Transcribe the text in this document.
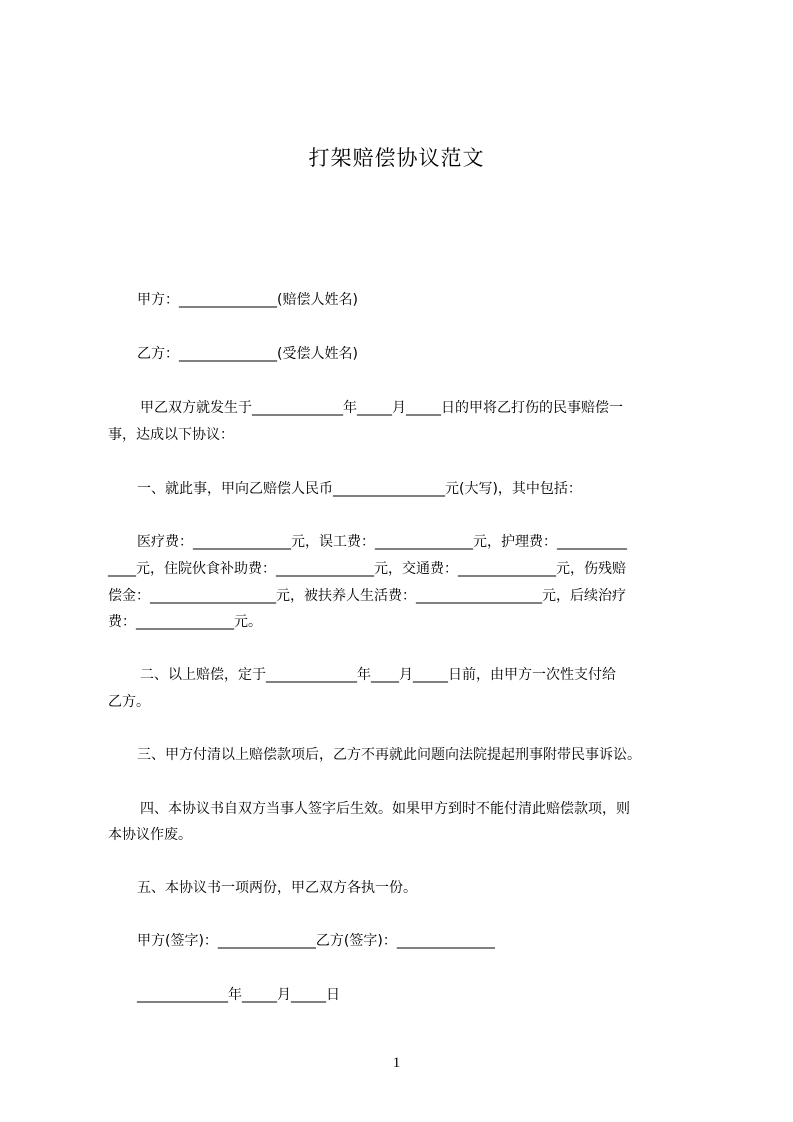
打架赔偿协议范文
甲方：______________(赔偿人姓名)
乙方：______________(受偿人姓名)
甲乙双方就发生于_____________年_____月_____日的甲将乙打伤的民事赔偿一
事，达成以下协议：
一、就此事，甲向乙赔偿人民币________________元(大写)，其中包括：
医疗费：______________元，误工费：______________元，护理费：__________
____元，住院伙食补助费：______________元，交通费：______________元，伤残赔
偿金：__________________元，被扶养人生活费：__________________元，后续治疗
费：______________元。
二、以上赔偿，定于_____________年____月_____日前，由甲方一次性支付给
乙方。
三、甲方付清以上赔偿款项后，乙方不再就此问题向法院提起刑事附带民事诉讼。
四、本协议书自双方当事人签字后生效。如果甲方到时不能付清此赔偿款项，则
本协议作废。
五、本协议书一项两份，甲乙双方各执一份。
甲方(签字)：______________乙方(签字)：______________
_____________年_____月_____日
1
